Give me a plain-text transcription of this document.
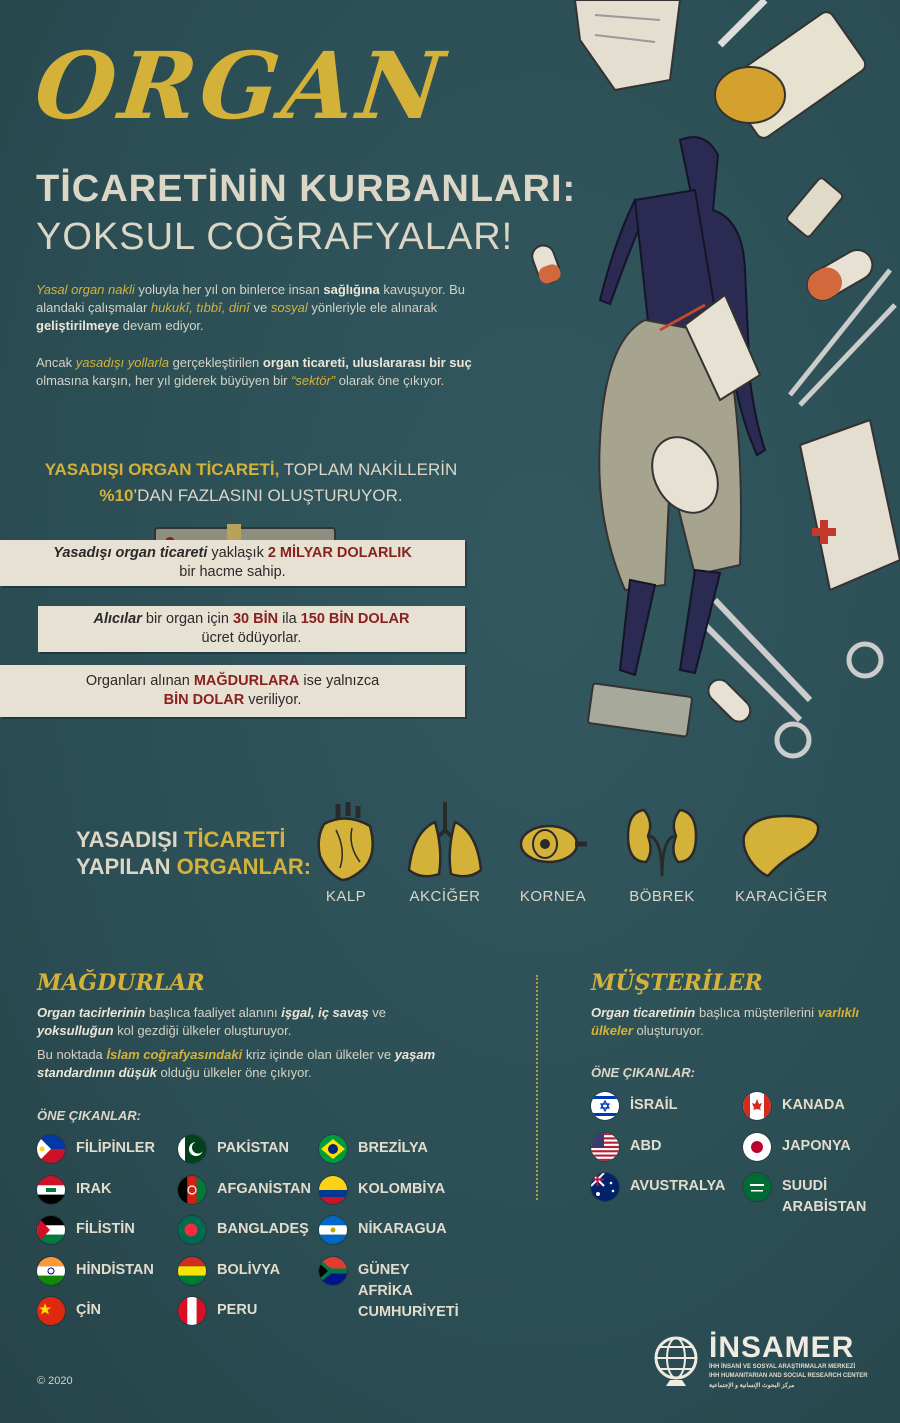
ORGAN
TİCARETİNİN KURBANLARI:
YOKSUL COĞRAFYALAR!
Yasal organ nakli yoluyla her yıl on binlerce insan sağlığına kavuşuyor. Bu alandaki çalışmalar hukukî, tıbbî, dinî ve sosyal yönleriyle ele alınarak geliştirilmeye devam ediyor.
Ancak yasadışı yollarla gerçekleştirilen organ ticareti, uluslararası bir suç olmasına karşın, her yıl giderek büyüyen bir “sektör” olarak öne çıkıyor.
YASADIŞI ORGAN TİCARETİ, TOPLAM NAKİLLERİN
%10’DAN FAZLASINI OLUŞTURUYOR.
Yasadışı organ ticareti yaklaşık 2 MİLYAR DOLARLIK
bir hacme sahip.
Alıcılar bir organ için 30 BİN ila 150 BİN DOLAR
ücret ödüyorlar.
Organları alınan MAĞDURLARA ise yalnızca
BİN DOLAR veriliyor.
YASADIŞI TİCARETİ
YAPILAN ORGANLAR:
KALP	AKCİĞER	KORNEA	BÖBREK	KARACİĞER
MAĞDURLAR
Organ tacirlerinin başlıca faaliyet alanını işgal, iç savaş ve yoksulluğun kol gezdiği ülkeler oluşturuyor.
Bu noktada İslam coğrafyasındaki kriz içinde olan ülkeler ve yaşam standardının düşük olduğu ülkeler öne çıkıyor.
ÖNE ÇIKANLAR:
MÜŞTERİLER
Organ ticaretinin başlıca müşterilerini varlıklı ülkeler oluşturuyor.
ÖNE ÇIKANLAR:
FİLİPİNLER
IRAK
FİLİSTİN
HİNDİSTAN
ÇİN
PAKİSTAN
AFGANİSTAN
BANGLADEŞ
BOLİVYA
PERU
BREZİLYA
KOLOMBİYA
NİKARAGUA
GÜNEY AFRİKA CUMHURİYETİ
İSRAİL
ABD
AVUSTRALYA
KANADA
JAPONYA
SUUDİ ARABİSTAN
© 2020
İNSAMER
İHH İNSANİ VE SOSYAL ARAŞTIRMALAR MERKEZİ
IHH HUMANITARIAN AND SOCIAL RESEARCH CENTER
مركز البحوث الإنسانية و الإجتماعية
